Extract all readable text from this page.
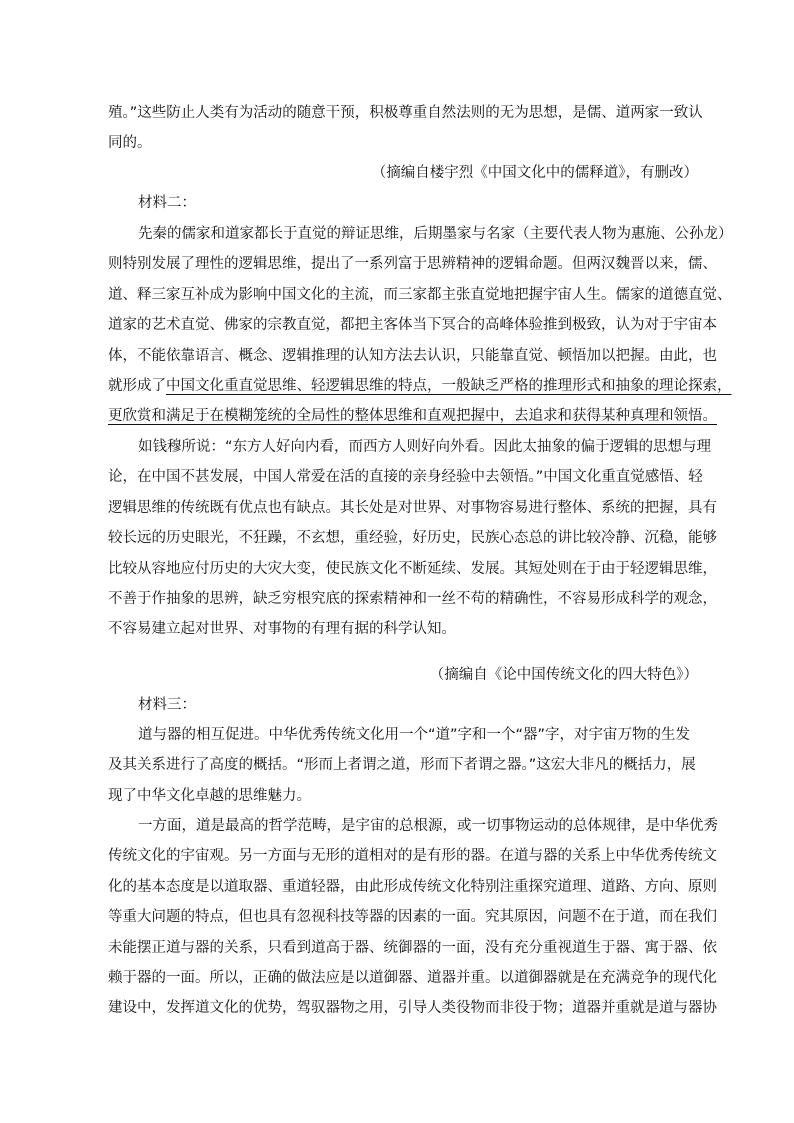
殖。”这些防止人类有为活动的随意干预，积极尊重自然法则的无为思想，是儒、道两家一致认
同的。
（摘编自楼宇烈《中国文化中的儒释道》，有删改）
材料二：
先秦的儒家和道家都长于直觉的辩证思维，后期墨家与名家（主要代表人物为惠施、公孙龙）
则特别发展了理性的逻辑思维，提出了一系列富于思辨精神的逻辑命题。但两汉魏晋以来，儒、
道、释三家互补成为影响中国文化的主流，而三家都主张直觉地把握宇宙人生。儒家的道德直觉、
道家的艺术直觉、佛家的宗教直觉，都把主客体当下冥合的高峰体验推到极致，认为对于宇宙本
体，不能依靠语言、概念、逻辑推理的认知方法去认识，只能靠直觉、顿悟加以把握。由此，也
就形成了中国文化重直觉思维、轻逻辑思维的特点，一般缺乏严格的推理形式和抽象的理论探索，
更欣赏和满足于在模糊笼统的全局性的整体思维和直观把握中，去追求和获得某种真理和领悟。
如钱穆所说：“东方人好向内看，而西方人则好向外看。因此太抽象的偏于逻辑的思想与理
论，在中国不甚发展，中国人常爱在活的直接的亲身经验中去领悟。”中国文化重直觉感悟、轻
逻辑思维的传统既有优点也有缺点。其长处是对世界、对事物容易进行整体、系统的把握，具有
较长远的历史眼光，不狂躁，不玄想，重经验，好历史，民族心态总的讲比较冷静、沉稳，能够
比较从容地应付历史的大灾大变，使民族文化不断延续、发展。其短处则在于由于轻逻辑思维，
不善于作抽象的思辨，缺乏穷根究底的探索精神和一丝不苟的精确性，不容易形成科学的观念，
不容易建立起对世界、对事物的有理有据的科学认知。
（摘编自《论中国传统文化的四大特色》）
材料三：
道与器的相互促进。中华优秀传统文化用一个“道”字和一个“器”字，对宇宙万物的生发
及其关系进行了高度的概括。“形而上者谓之道，形而下者谓之器。”这宏大非凡的概括力，展
现了中华文化卓越的思维魅力。
一方面，道是最高的哲学范畴，是宇宙的总根源，或一切事物运动的总体规律，是中华优秀
传统文化的宇宙观。另一方面与无形的道相对的是有形的器。在道与器的关系上中华优秀传统文
化的基本态度是以道取器、重道轻器，由此形成传统文化特别注重探究道理、道路、方向、原则
等重大问题的特点，但也具有忽视科技等器的因素的一面。究其原因，问题不在于道，而在我们
未能摆正道与器的关系，只看到道高于器、统御器的一面，没有充分重视道生于器、寓于器、依
赖于器的一面。所以，正确的做法应是以道御器、道器并重。以道御器就是在充满竞争的现代化
建设中，发挥道文化的优势，驾驭器物之用，引导人类役物而非役于物；道器并重就是道与器协
